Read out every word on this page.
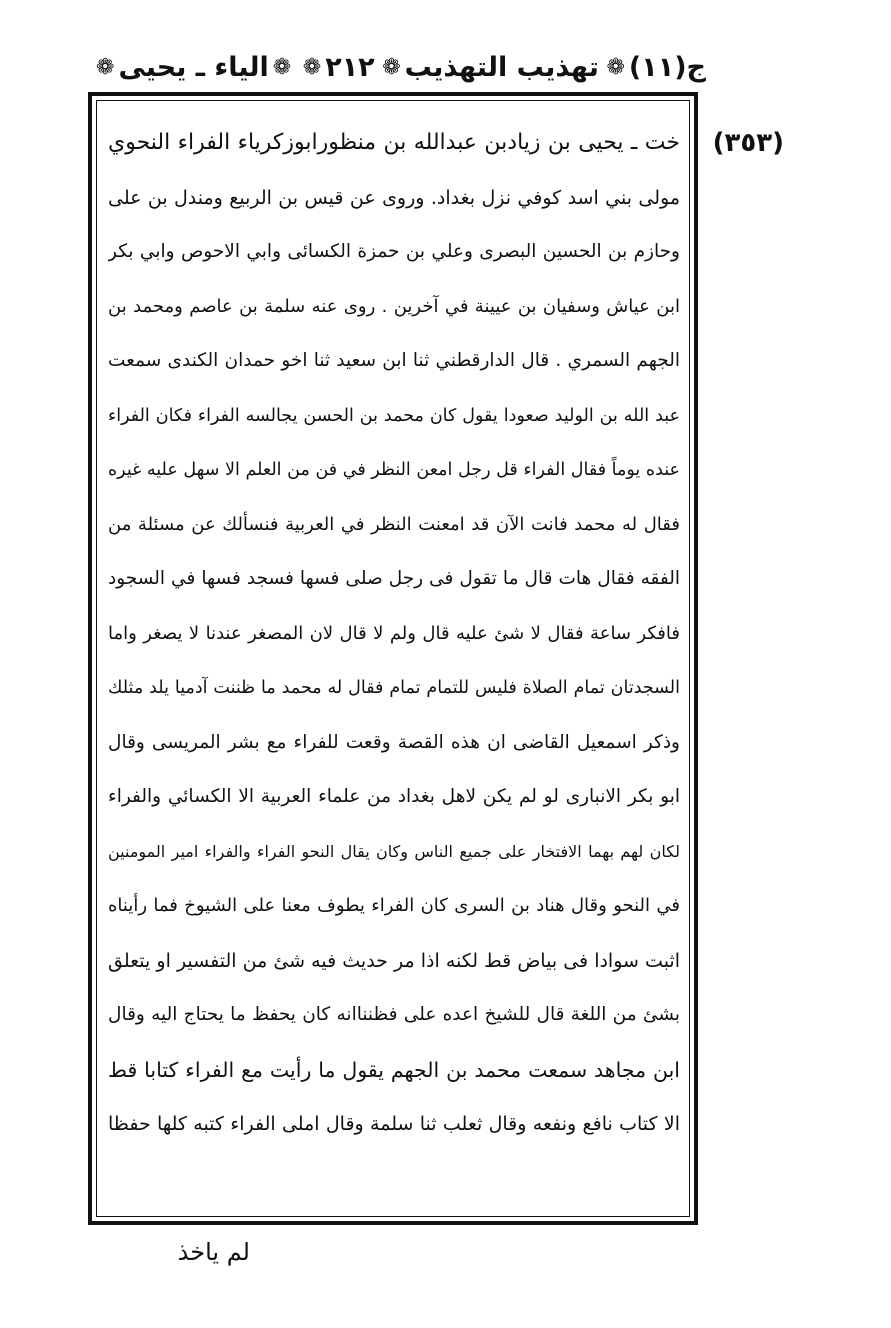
ج(١١)
❁
تهذيب التهذيب
❁
٢١٢
❁
❁
الياء ـ يحيى
❁
(٣٥٣)
خت ـ يحيى بن زيادبن عبدالله بن منظورابوزكرياء الفراء النحوي
مولى بني اسد كوفي نزل بغداد. وروى عن قيس بن الربيع ومندل بن على
وحازم بن الحسين البصرى وعلي بن حمزة الكسائى وابي الاحوص وابي بكر
ابن عياش وسفيان بن عيينة في آخرين . روى عنه سلمة بن عاصم ومحمد بن
الجهم السمري . قال الدارقطني ثنا ابن سعيد ثنا اخو حمدان الكندى سمعت
عبد الله بن الوليد صعودا يقول كان محمد بن الحسن يجالسه الفراء فكان الفراء
عنده يوماً فقال الفراء قل رجل امعن النظر في فن من العلم الا سهل عليه غيره
فقال له محمد فانت الآن قد امعنت النظر في العربية فنسألك عن مسئلة من
الفقه فقال هات قال ما تقول فى رجل صلى فسها فسجد فسها في السجود
فافكر ساعة فقال لا شئ عليه قال ولم لا قال لان المصغر عندنا لا يصغر واما
السجدتان تمام الصلاة فليس للتمام تمام فقال له محمد ما ظننت آدميا يلد مثلك
وذكر اسمعيل القاضى ان هذه القصة وقعت للفراء مع بشر المريسى وقال
ابو بكر الانبارى لو لم يكن لاهل بغداد من علماء العربية الا الكسائي والفراء
لكان لهم بهما الافتخار على جميع الناس وكان يقال النحو الفراء والفراء امير المومنين
في النحو وقال هناد بن السرى كان الفراء يطوف معنا على الشيوخ فما رأيناه
اثبت سوادا فى بياض قط لكنه اذا مر حديث فيه شئ من التفسير او يتعلق
بشئ من اللغة قال للشيخ اعده على فظنناانه كان يحفظ ما يحتاج اليه وقال
ابن مجاهد سمعت محمد بن الجهم يقول ما رأيت مع الفراء كتابا قط
الا كتاب نافع ونفعه وقال ثعلب ثنا سلمة وقال املى الفراء كتبه كلها حفظا
لم ياخذ
